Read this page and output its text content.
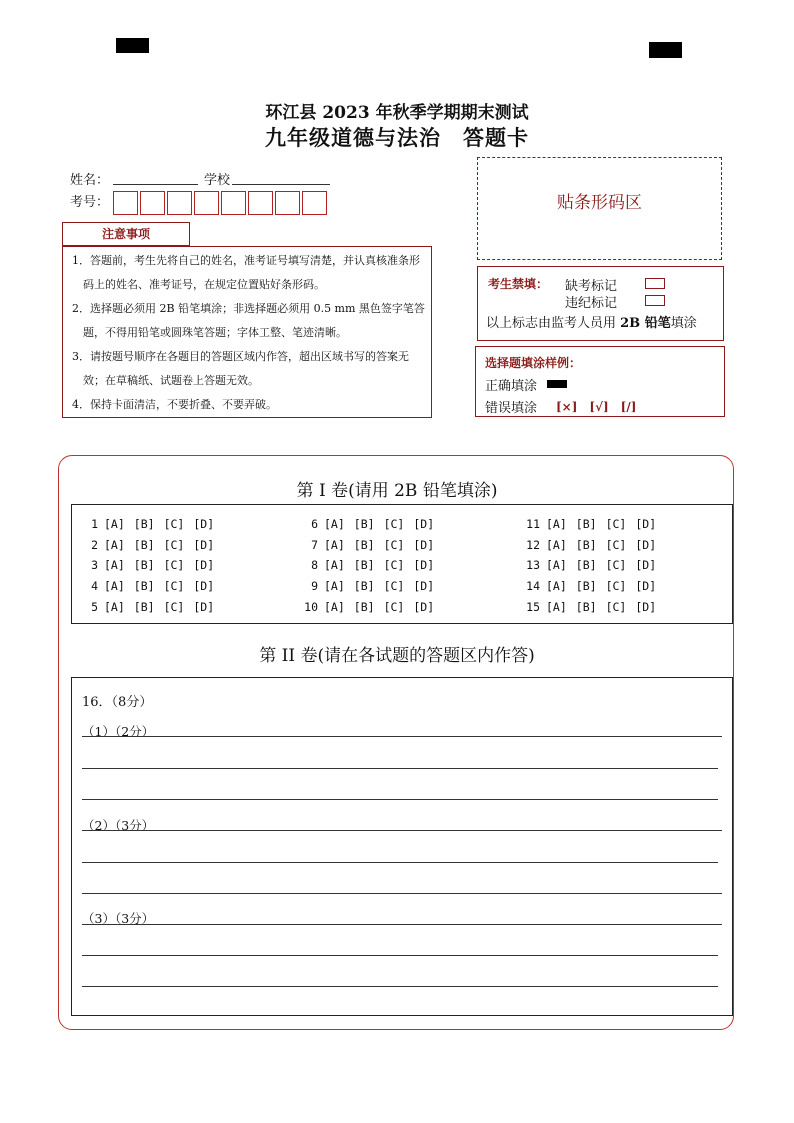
环江县 2023 年秋季学期期末测试
九年级道德与法治　答题卡
姓名：	学校
考号：
注意事项
1．答题前，考生先将自己的姓名，准考证号填写清楚，并认真核准条形码上的姓名、准考证号，在规定位置贴好条形码。
2．选择题必须用 2B 铅笔填涂；非选择题必须用 0.5 mm 黑色签字笔答题，不得用铅笔或圆珠笔答题；字体工整、笔迹清晰。
3．请按题号顺序在各题目的答题区域内作答，超出区域书写的答案无效；在草稿纸、试题卷上答题无效。
4．保持卡面清洁，不要折叠、不要弄破。
贴条形码区
考生禁填： 缺考标记
违纪标记
以上标志由监考人员用 2B 铅笔填涂
选择题填涂样例：
正确填涂
错误填涂 [×]　[√]　[/]
第 I 卷(请用 2B 铅笔填涂)
1 [A] [B] [C] [D]
2 [A] [B] [C] [D]
3 [A] [B] [C] [D]
4 [A] [B] [C] [D]
5 [A] [B] [C] [D]
6 [A] [B] [C] [D]
7 [A] [B] [C] [D]
8 [A] [B] [C] [D]
9 [A] [B] [C] [D]
10 [A] [B] [C] [D]
11 [A] [B] [C] [D]
12 [A] [B] [C] [D]
13 [A] [B] [C] [D]
14 [A] [B] [C] [D]
15 [A] [B] [C] [D]
第 II 卷(请在各试题的答题区内作答)
16．（8分）
（1）（2分）
（2）（3分）
（3）（3分）
